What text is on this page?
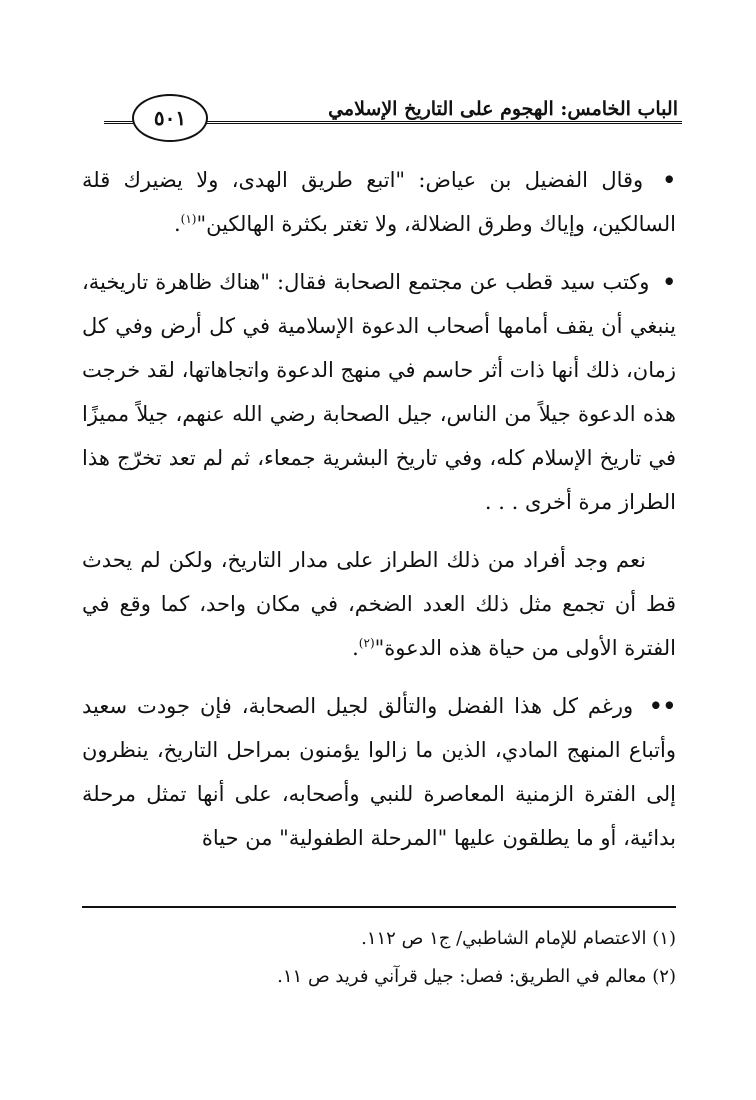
الباب الخامس: الهجوم على التاريخ الإسلامي
٥٠١

• وقال الفضيل بن عياض: "اتبع طريق الهدى، ولا يضيرك قلة السالكين، وإياك وطرق الضلالة، ولا تغتر بكثرة الهالكين"$^{(١)}$.

• وكتب سيد قطب عن مجتمع الصحابة فقال: "هناك ظاهرة تاريخية، ينبغي أن يقف أمامها أصحاب الدعوة الإسلامية في كل أرض وفي كل زمان، ذلك أنها ذات أثر حاسم في منهج الدعوة واتجاهاتها، لقد خرجت هذه الدعوة جيلاً من الناس، جيل الصحابة رضي الله عنهم، جيلاً مميزًا في تاريخ الإسلام كله، وفي تاريخ البشرية جمعاء، ثم لم تعد تخرّج هذا الطراز مرة أخرى . . .

نعم وجد أفراد من ذلك الطراز على مدار التاريخ، ولكن لم يحدث قط أن تجمع مثل ذلك العدد الضخم، في مكان واحد، كما وقع في الفترة الأولى من حياة هذه الدعوة"$^{(٢)}$.

•• ورغم كل هذا الفضل والتألق لجيل الصحابة، فإن جودت سعيد وأتباع المنهج المادي، الذين ما زالوا يؤمنون بمراحل التاريخ، ينظرون إلى الفترة الزمنية المعاصرة للنبي وأصحابه، على أنها تمثل مرحلة بدائية، أو ما يطلقون عليها "المرحلة الطفولية" من حياة

(١) الاعتصام للإمام الشاطبي/ ج١ ص ١١٢.

(٢) معالم في الطريق: فصل: جيل قرآني فريد ص ١١.
